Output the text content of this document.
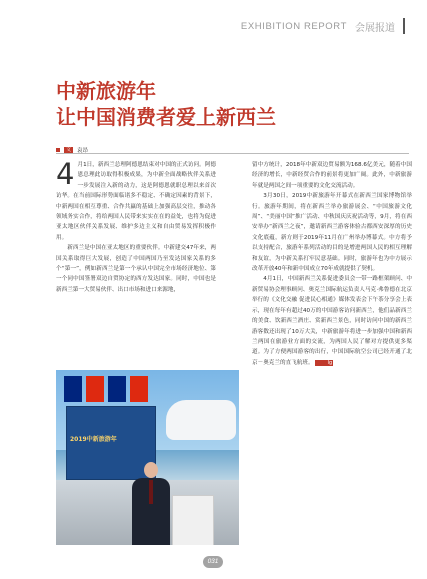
EXHIBITION REPORT 会展报道
中新旅游年
让中国消费者爱上新西兰
文	袁昂

4 月1日，新西兰总理阿德恩结束对中国的正式访问。阿德恩总理此访取得积极成果，为中新全面战略伙伴关系进一步发展注入新的动力，这是阿德恩就职总理以来首次访华。在当前国际形势面临诸多不稳定、不确定因素的背景下，中新两国在相互尊重、合作共赢的基础上加强高层交往，推动各领域务实合作，将给两国人民带来实实在在的益处，也将为促进亚太地区伙伴关系发展、维护多边主义和自由贸易发挥积极作用。

新西兰是中国在亚太地区的重要伙伴。中新建交47年来，两国关系取得巨大发展，创造了中国两国乃至发达国家关系的多个“第一”，例如新西兰是第一个承认中国完全市场经济地位、第一个同中国签署双边自贸协定的西方发达国家。同时，中国也是新西兰第一大贸易伙伴、出口市场和进口来源地，

2019中新旅游年

留中方统计，2018年中新双边贸易额为168.6亿美元，随着中国经济的增长，中新经贸合作的前景将更加广阔。此外，中新旅游年就是两国之间一项重要的文化交流活动。

3月30日，2019中新旅游年开幕式在新西兰国家博物馆举行。旅游年期间，将在新西兰举办旅游展会、“中国旅游文化周”、“美丽中国”推广活动、中秋国庆庆祝活动等，9月，将在西安举办“新西兰之夜”，邀请新西兰游客体验古都西安深厚的历史文化底蕴，新方则于2019年11月在广州举办博幕式。中方将予以支持配合，旅游年系列活动的目的是增进两国人民的相互理解和友谊，为中新关系打牢民意基础。同时，旅游年也为中方展示改革开放40年和新中国成立70年成就提供了契机。

4月1日，中国新西兰关系促进委员会一带一路框架顾问、中新贸易协会理事顾问、奥克兰国际航运负责人马克·弗鲁德在北京举行的《文化交融 促进民心相通》媒体发表会下午茶分享会上表示，现在每年有超过40万的中国游客访问新西兰，他们品新西兰的美食、饮新西兰酒庄、赏新西兰景色，同时访问中国的新西兰游客数还出现了10万大关，中新旅游年将进一步加强中国和新西兰两国在旅游业方面的交流，为两国人民了解对方提供更多渠道。为了方便两国游客的出行，中国国际航空公司已经开通了北京－奥克兰的直飞航班。	Ig

031
